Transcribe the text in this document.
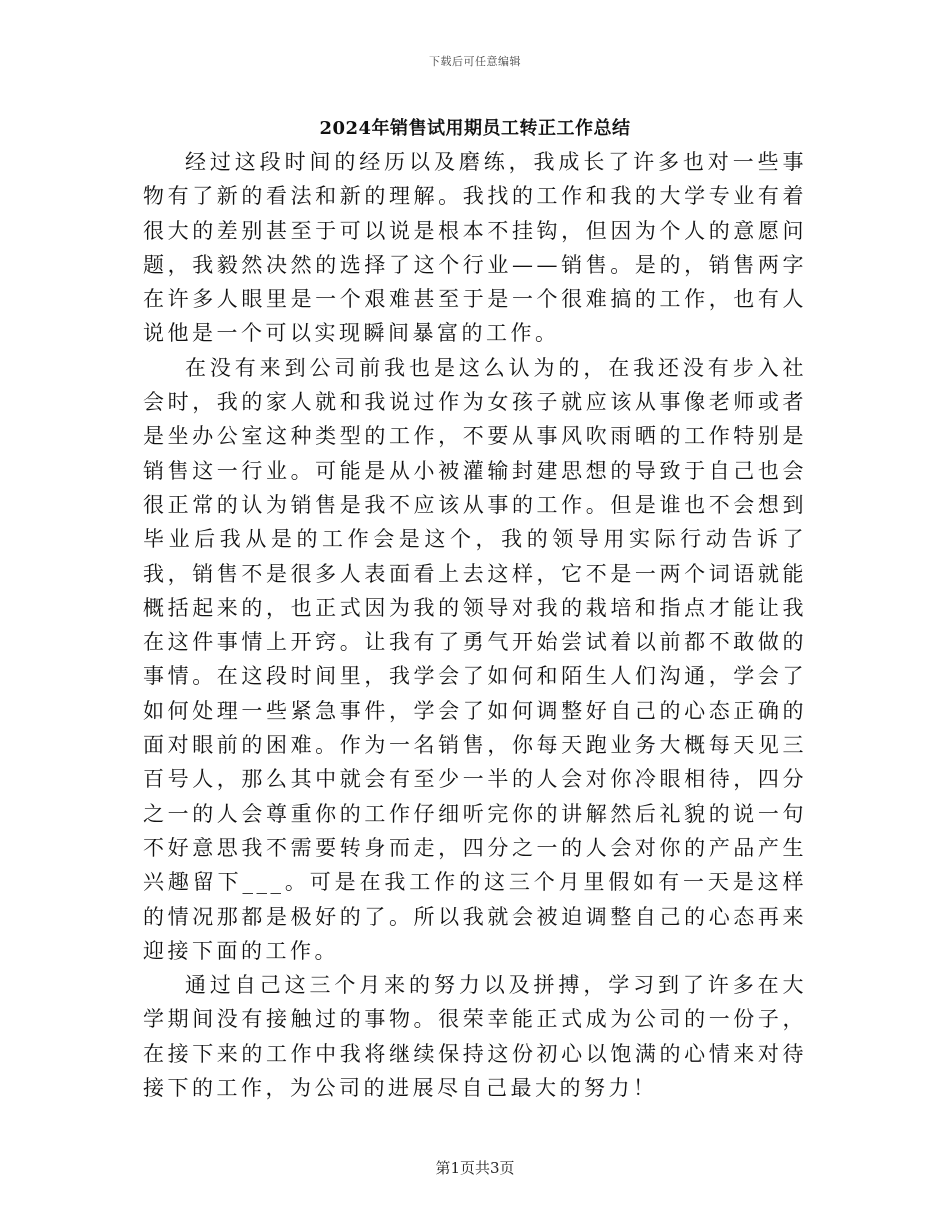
下载后可任意编辑
2024年销售试用期员工转正工作总结

经过这段时间的经历以及磨练，我成长了许多也对一些事物有了新的看法和新的理解。我找的工作和我的大学专业有着很大的差别甚至于可以说是根本不挂钩，但因为个人的意愿问题，我毅然决然的选择了这个行业——销售。是的，销售两字在许多人眼里是一个艰难甚至于是一个很难搞的工作，也有人说他是一个可以实现瞬间暴富的工作。

在没有来到公司前我也是这么认为的，在我还没有步入社会时，我的家人就和我说过作为女孩子就应该从事像老师或者是坐办公室这种类型的工作，不要从事风吹雨晒的工作特别是销售这一行业。可能是从小被灌输封建思想的导致于自己也会很正常的认为销售是我不应该从事的工作。但是谁也不会想到毕业后我从是的工作会是这个，我的领导用实际行动告诉了我，销售不是很多人表面看上去这样，它不是一两个词语就能概括起来的，也正式因为我的领导对我的栽培和指点才能让我在这件事情上开窍。让我有了勇气开始尝试着以前都不敢做的事情。在这段时间里，我学会了如何和陌生人们沟通，学会了如何处理一些紧急事件，学会了如何调整好自己的心态正确的面对眼前的困难。作为一名销售，你每天跑业务大概每天见三百号人，那么其中就会有至少一半的人会对你冷眼相待，四分之一的人会尊重你的工作仔细听完你的讲解然后礼貌的说一句不好意思我不需要转身而走，四分之一的人会对你的产品产生兴趣留下___。可是在我工作的这三个月里假如有一天是这样的情况那都是极好的了。所以我就会被迫调整自己的心态再来迎接下面的工作。

通过自己这三个月来的努力以及拼搏，学习到了许多在大学期间没有接触过的事物。很荣幸能正式成为公司的一份子，在接下来的工作中我将继续保持这份初心以饱满的心情来对待接下的工作，为公司的进展尽自己最大的努力！

第1页共3页
